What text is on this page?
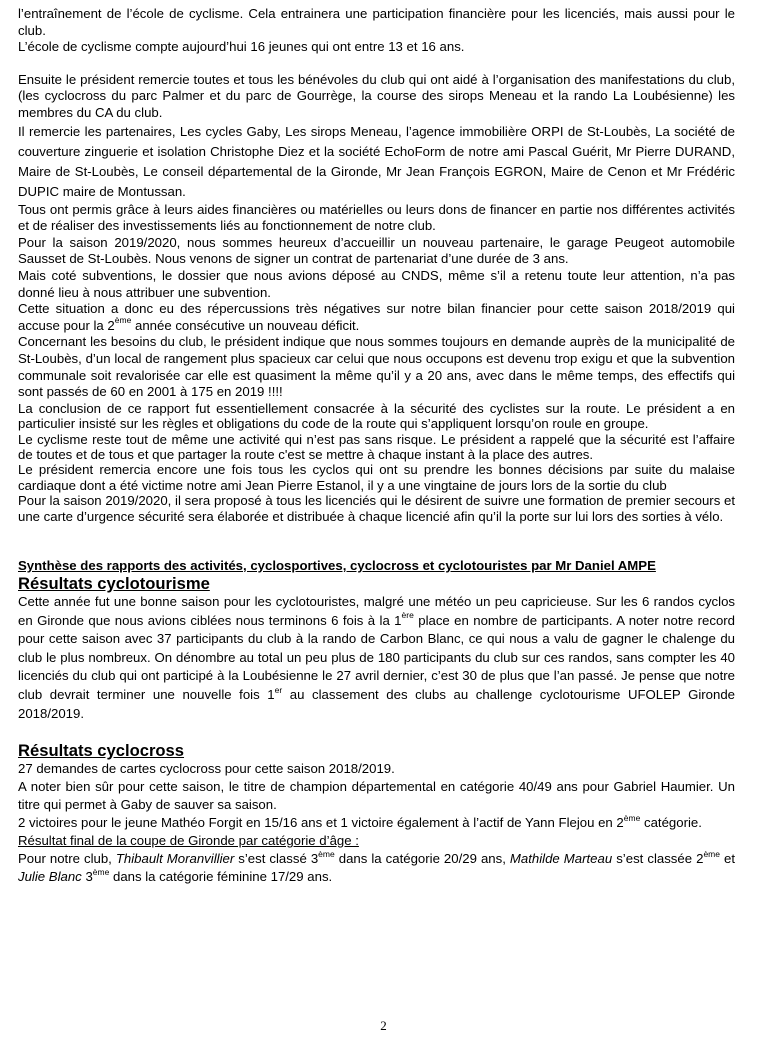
l’entraînement de l’école de cyclisme. Cela entrainera une participation financière pour les licenciés, mais aussi pour le club.

L’école de cyclisme compte aujourd’hui 16 jeunes qui ont entre 13 et 16 ans.

Ensuite le président remercie toutes et tous les bénévoles du club qui ont aidé à l’organisation des manifestations du club, (les cyclocross du parc Palmer et du parc de Gourrège, la course des sirops Meneau et la rando La Loubésienne) les membres du CA du club.

Il remercie les partenaires, Les cycles Gaby, Les sirops Meneau, l’agence immobilière ORPI de St-Loubès, La société de couverture zinguerie et isolation Christophe Diez et la société EchoForm de notre ami Pascal Guérit, Mr Pierre DURAND, Maire de St-Loubès, Le conseil départemental de la Gironde, Mr Jean François EGRON, Maire de Cenon et Mr Frédéric DUPIC maire de Montussan.

Tous ont permis grâce à leurs aides financières ou matérielles ou leurs dons de financer en partie nos différentes activités et de réaliser des investissements liés au fonctionnement de notre club.

Pour la saison 2019/2020, nous sommes heureux d’accueillir un nouveau partenaire, le garage Peugeot automobile Sausset de St-Loubès. Nous venons de signer un contrat de partenariat d’une durée de 3 ans.

Mais coté subventions, le dossier que nous avions déposé au CNDS, même s’il a retenu toute leur attention, n’a pas donné lieu à nous attribuer une subvention.

Cette situation a donc eu des répercussions très négatives sur notre bilan financier pour cette saison 2018/2019 qui accuse pour la 2ème année consécutive un nouveau déficit.

Concernant les besoins du club, le président indique que nous sommes toujours en demande auprès de la municipalité de St-Loubès, d’un local de rangement plus spacieux car celui que nous occupons est devenu trop exigu et que la subvention communale soit revalorisée car elle est quasiment la même qu’il y a 20 ans, avec dans le même temps, des effectifs qui sont passés de 60 en 2001 à 175 en 2019 !!!!

La conclusion de ce rapport fut essentiellement consacrée à la sécurité des cyclistes sur la route. Le président a en particulier insisté sur les règles et obligations du code de la route qui s’appliquent lorsqu’on roule en groupe.

Le cyclisme reste tout de même une activité qui n’est pas sans risque. Le président a rappelé que la sécurité est l’affaire de toutes et de tous et que partager la route c'est se mettre à chaque instant à la place des autres.

Le président remercia encore une fois tous les cyclos qui ont su prendre les bonnes décisions par suite du malaise cardiaque dont a été victime notre ami Jean Pierre Estanol, il y a une vingtaine de jours lors de la sortie du club

Pour la saison 2019/2020, il sera proposé à tous les licenciés qui le désirent de suivre une formation de premier secours et une carte d’urgence sécurité sera élaborée et distribuée à chaque licencié afin qu’il la porte sur lui lors des sorties à vélo.

Synthèse des rapports des activités, cyclosportives, cyclocross et cyclotouristes par Mr Daniel AMPE

Résultats cyclotourisme

Cette année fut une bonne saison pour les cyclotouristes, malgré une météo un peu capricieuse. Sur les 6 randos cyclos en Gironde que nous avions ciblées nous terminons 6 fois à la 1ère place en nombre de participants. A noter notre record pour cette saison avec 37 participants du club à la rando de Carbon Blanc, ce qui nous a valu de gagner le chalenge du club le plus nombreux. On dénombre au total un peu plus de 180 participants du club sur ces randos, sans compter les 40 licenciés du club qui ont participé à la Loubésienne le 27 avril dernier, c’est 30 de plus que l’an passé. Je pense que notre club devrait terminer une nouvelle fois 1er au classement des clubs au challenge cyclotourisme UFOLEP Gironde 2018/2019.

Résultats cyclocross

27 demandes de cartes cyclocross pour cette saison 2018/2019.

A noter bien sûr pour cette saison, le titre de champion départemental en catégorie 40/49 ans pour Gabriel Haumier. Un titre qui permet à Gaby de sauver sa saison.

2 victoires pour le jeune Mathéo Forgit en 15/16 ans et 1 victoire également à l’actif de Yann Flejou en 2ème catégorie.

Résultat final de la coupe de Gironde par catégorie d’âge :

Pour notre club, Thibault Moranvillier s’est classé 3ème dans la catégorie 20/29 ans, Mathilde Marteau s’est classée 2ème et Julie Blanc 3ème dans la catégorie féminine 17/29 ans.

2
